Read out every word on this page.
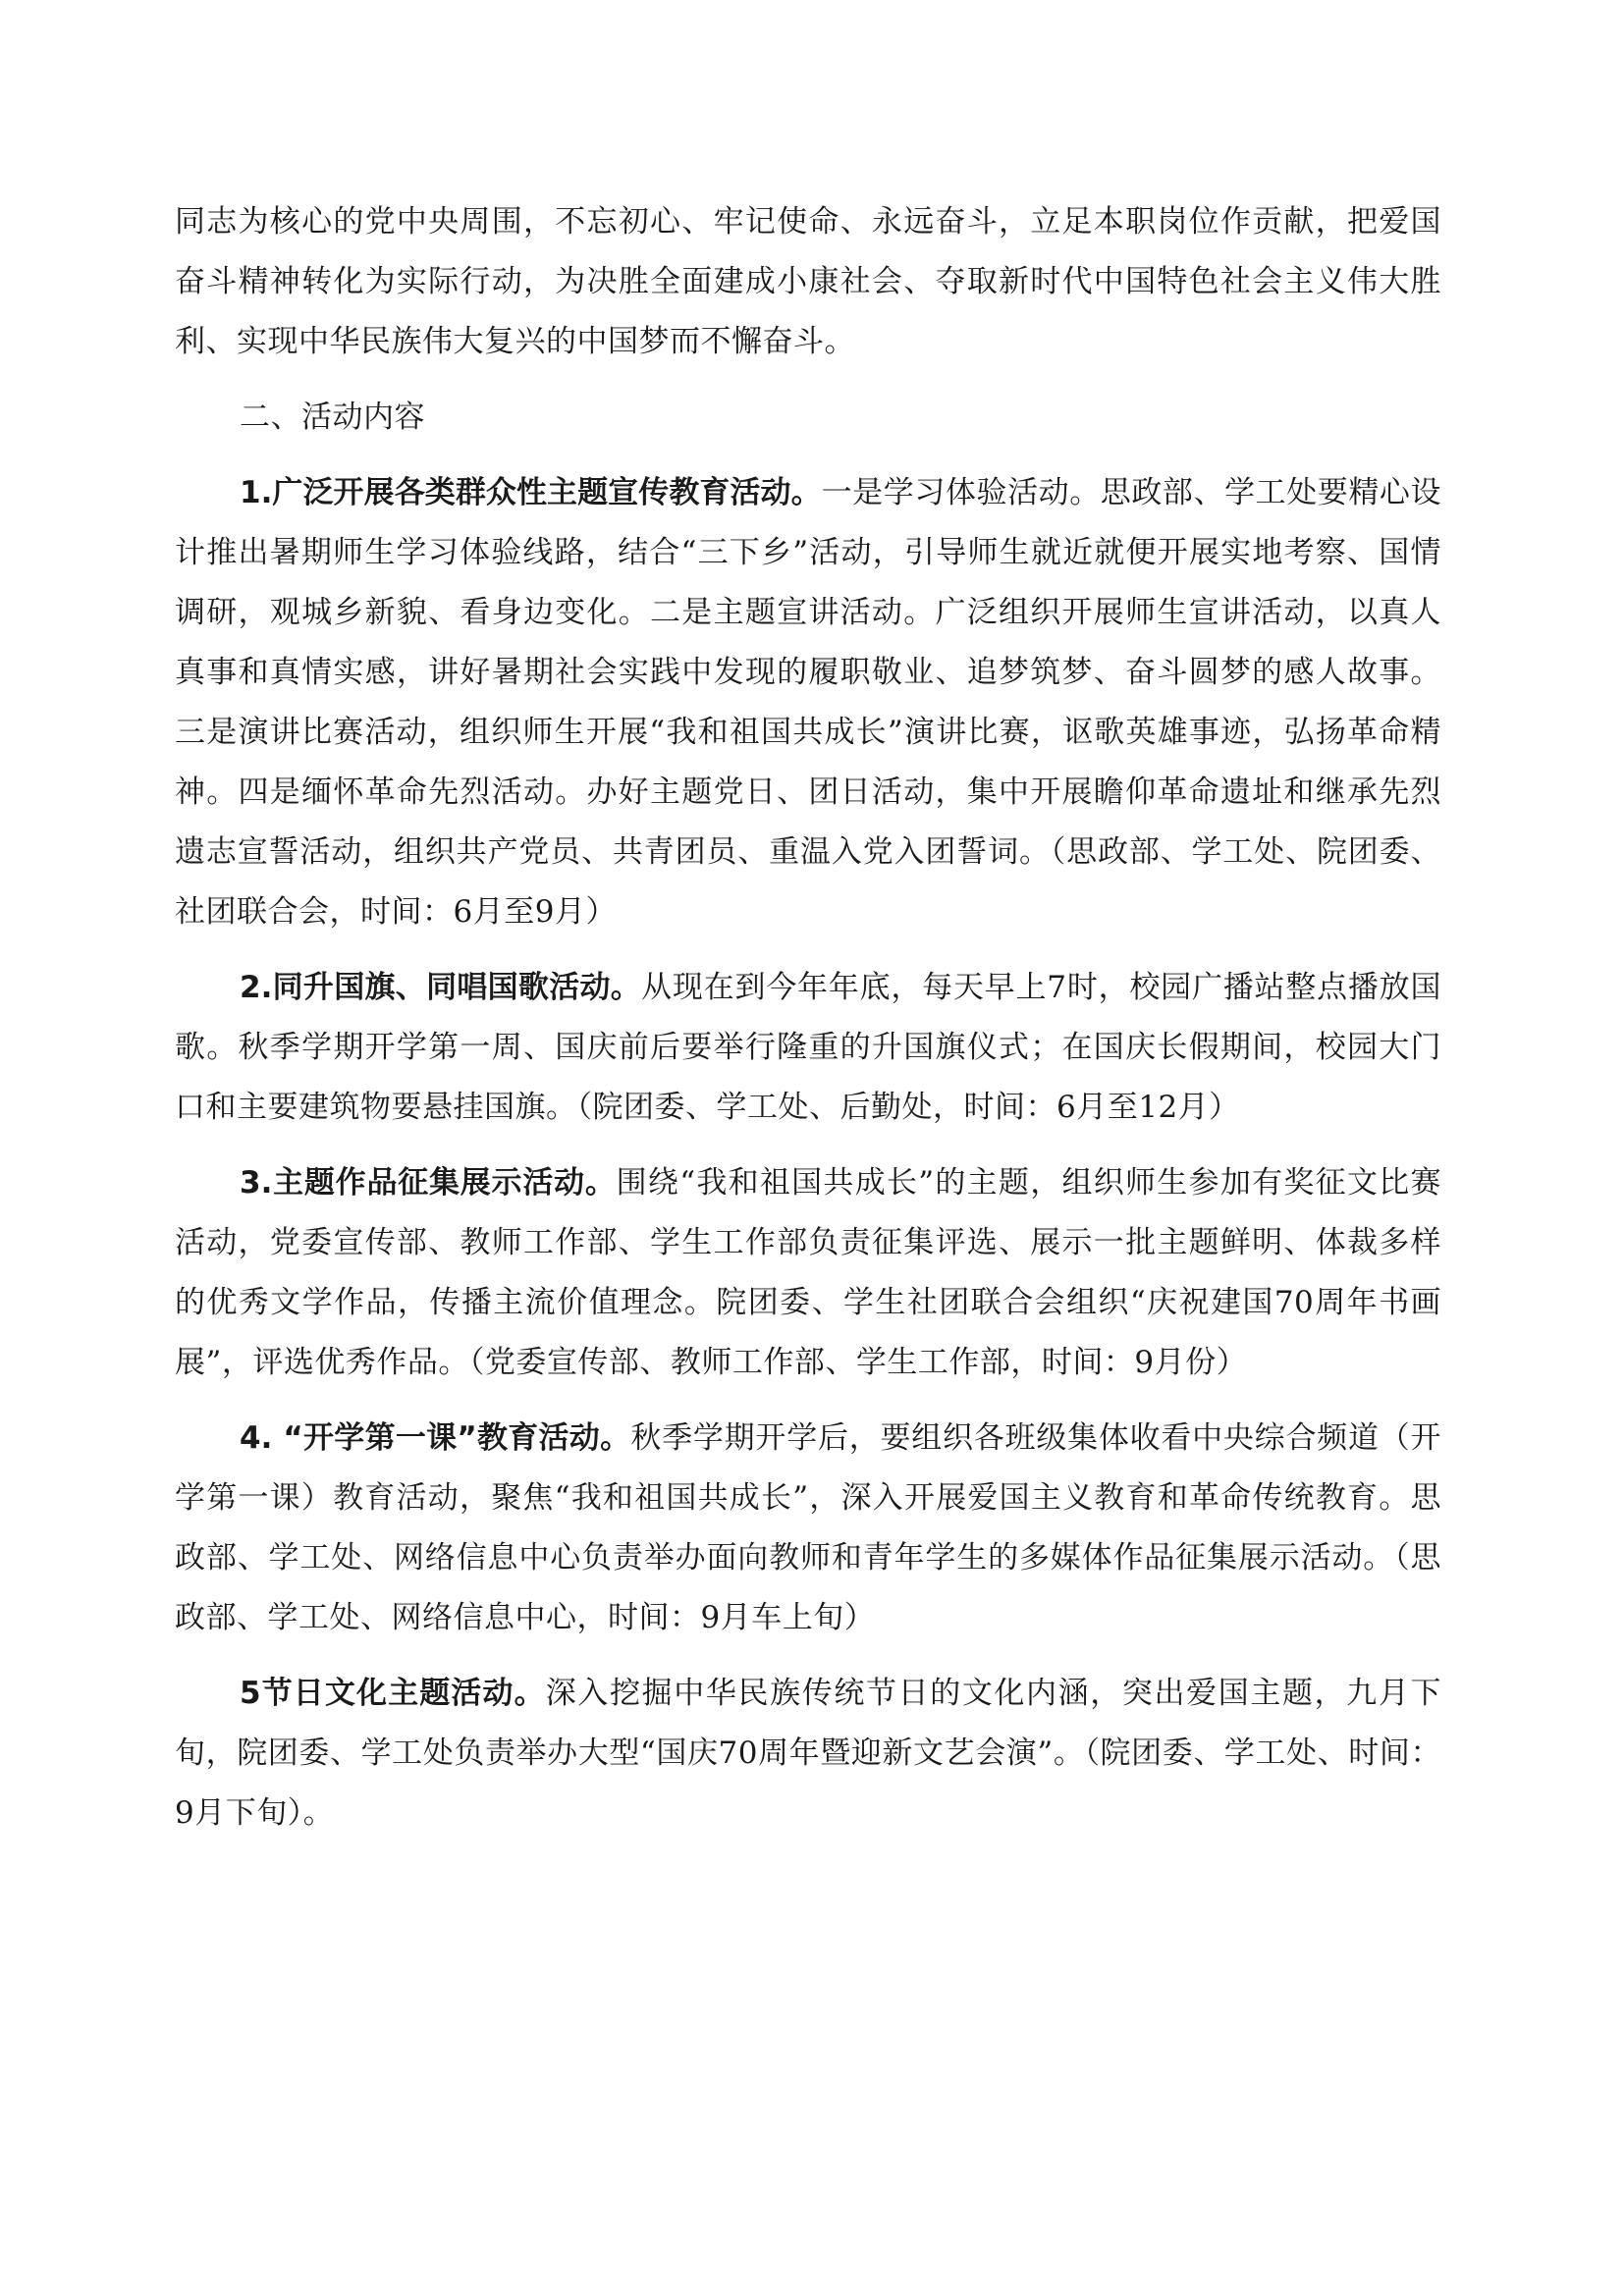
同志为核心的党中央周围，不忘初心、牢记使命、永远奋斗，立足本职岗位作贡献，把爱国奋斗精神转化为实际行动，为决胜全面建成小康社会、夺取新时代中国特色社会主义伟大胜利、实现中华民族伟大复兴的中国梦而不懈奋斗。

二、活动内容

1.广泛开展各类群众性主题宣传教育活动。一是学习体验活动。思政部、学工处要精心设计推出暑期师生学习体验线路，结合“三下乡”活动，引导师生就近就便开展实地考察、国情调研，观城乡新貌、看身边变化。二是主题宣讲活动。广泛组织开展师生宣讲活动，以真人真事和真情实感，讲好暑期社会实践中发现的履职敬业、追梦筑梦、奋斗圆梦的感人故事。三是演讲比赛活动，组织师生开展“我和祖国共成长”演讲比赛，讴歌英雄事迹，弘扬革命精神。四是缅怀革命先烈活动。办好主题党日、团日活动，集中开展瞻仰革命遗址和继承先烈遗志宣誓活动，组织共产党员、共青团员、重温入党入团誓词。（思政部、学工处、院团委、社团联合会，时间：6月至9月）

2.同升国旗、同唱国歌活动。从现在到今年年底，每天早上7时，校园广播站整点播放国歌。秋季学期开学第一周、国庆前后要举行隆重的升国旗仪式；在国庆长假期间，校园大门口和主要建筑物要悬挂国旗。（院团委、学工处、后勤处，时间：6月至12月）

3.主题作品征集展示活动。围绕“我和祖国共成长”的主题，组织师生参加有奖征文比赛活动，党委宣传部、教师工作部、学生工作部负责征集评选、展示一批主题鲜明、体裁多样的优秀文学作品，传播主流价值理念。院团委、学生社团联合会组织“庆祝建国70周年书画展”，评选优秀作品。（党委宣传部、教师工作部、学生工作部，时间：9月份）

4. “开学第一课”教育活动。秋季学期开学后，要组织各班级集体收看中央综合频道（开学第一课）教育活动，聚焦“我和祖国共成长”，深入开展爱国主义教育和革命传统教育。思政部、学工处、网络信息中心负责举办面向教师和青年学生的多媒体作品征集展示活动。（思政部、学工处、网络信息中心，时间：9月车上旬）

5节日文化主题活动。深入挖掘中华民族传统节日的文化内涵，突出爱国主题，九月下旬，院团委、学工处负责举办大型“国庆70周年暨迎新文艺会演”。（院团委、学工处、时间：9月下旬）。
